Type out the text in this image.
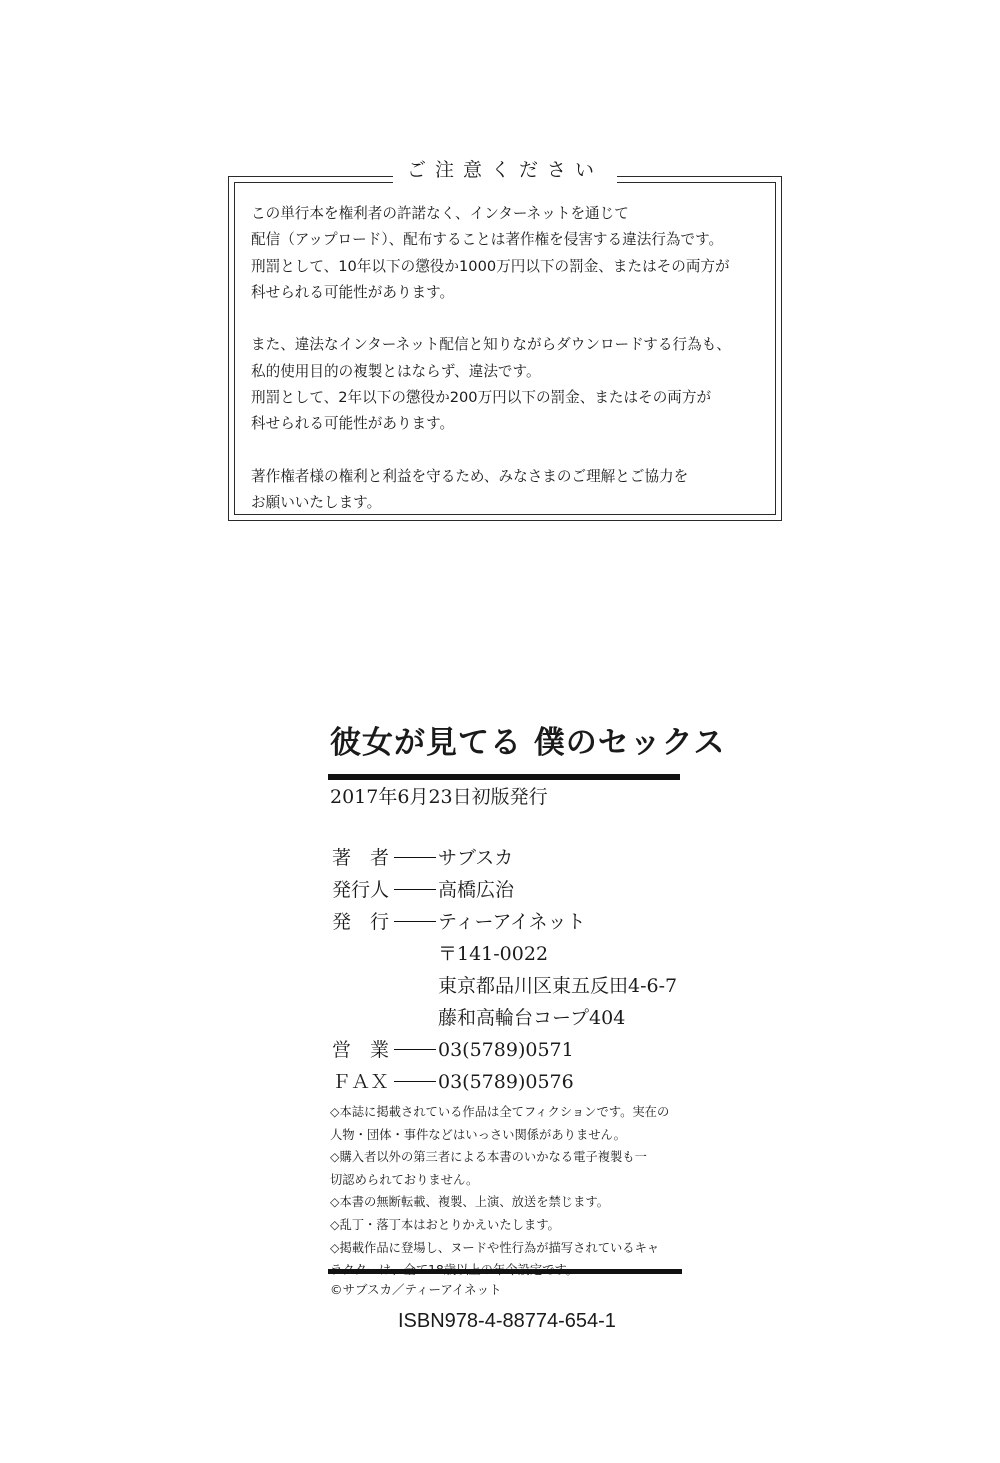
ご注意ください
この単行本を権利者の許諾なく、インターネットを通じて
配信（アップロード）、配布することは著作権を侵害する違法行為です。
刑罰として、10年以下の懲役か1000万円以下の罰金、またはその両方が
科せられる可能性があります。
また、違法なインターネット配信と知りながらダウンロードする行為も、
私的使用目的の複製とはならず、違法です。
刑罰として、2年以下の懲役か200万円以下の罰金、またはその両方が
科せられる可能性があります。
著作権者様の権利と利益を守るため、みなさまのご理解とご協力を
お願いいたします。
彼女が見てる 僕のセックス
2017年6月23日初版発行
著　者	サブスカ
発行人	高橋広治
発　行	ティーアイネット
〒141-0022
東京都品川区東五反田4-6-7
藤和高輪台コープ404
営　業	03(5789)0571
ＦＡＸ	03(5789)0576
◇本誌に掲載されている作品は全てフィクションです。実在の
人物・団体・事件などはいっさい関係がありません。
◇購入者以外の第三者による本書のいかなる電子複製も一
切認められておりません。
◇本書の無断転載、複製、上演、放送を禁じます。
◇乱丁・落丁本はおとりかえいたします。
◇掲載作品に登場し、ヌードや性行為が描写されているキャ
©サブスカ／ティーアイネット
ISBN978-4-88774-654-1
